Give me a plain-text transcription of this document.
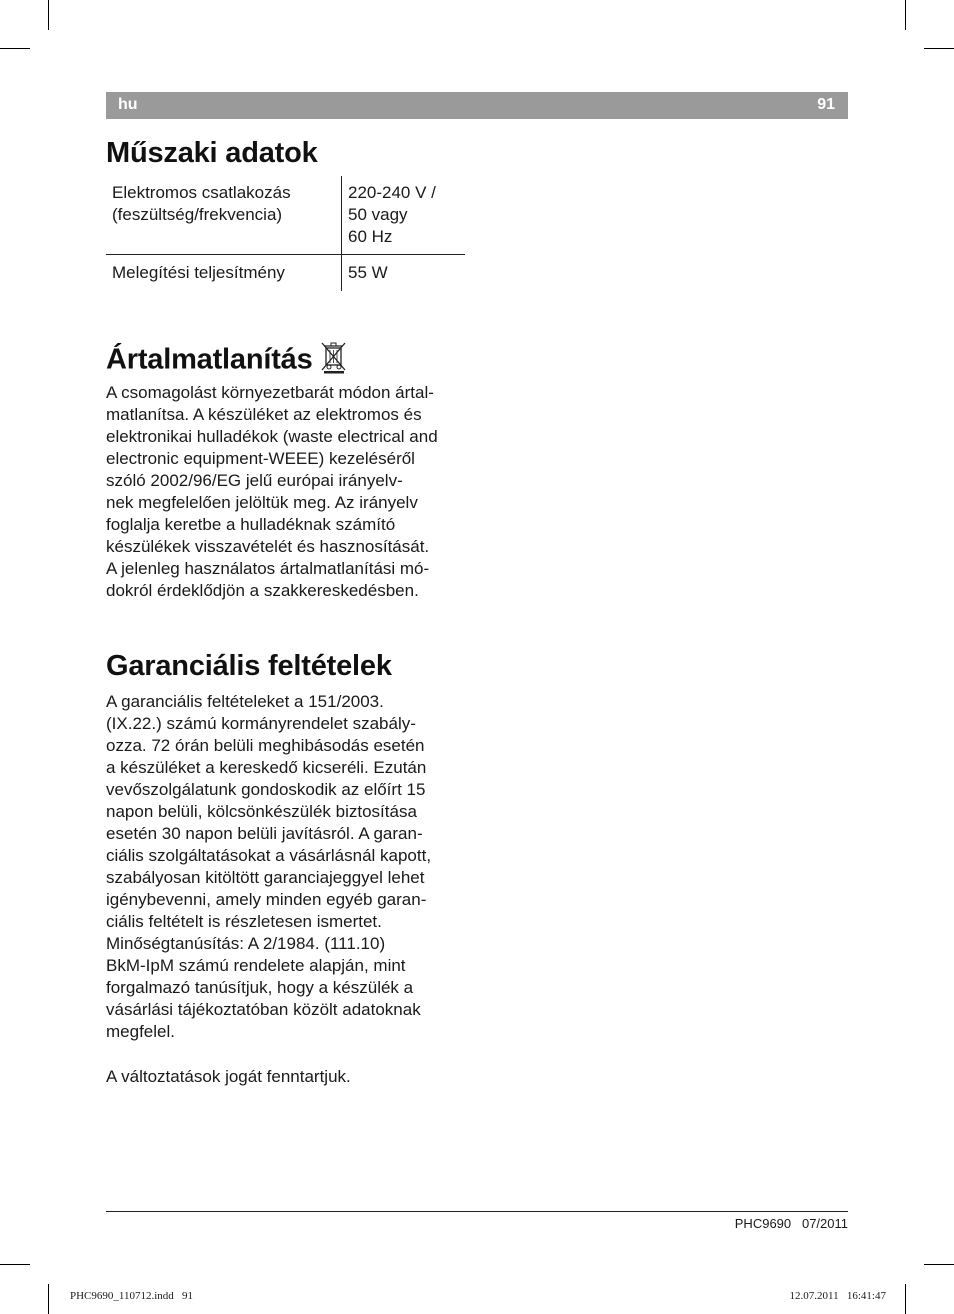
hu	91
Műszaki adatok
Elektromos csatlakozás
(feszültség/frekvencia)	220-240 V /
50 vagy
60 Hz
Melegítési teljesítmény	55 W
Ártalmatlanítás
A csomagolást környezetbarát módon ártal-
matlanítsa. A készüléket az elektromos és
elektronikai hulladékok (waste electrical and
electronic equipment-WEEE) kezeléséről
szóló 2002/96/EG jelű európai irányelv-
nek megfelelően jelöltük meg. Az irányelv
foglalja keretbe a hulladéknak számító
készülékek visszavételét és hasznosítását.
A jelenleg használatos ártalmatlanítási mó-
dokról érdeklődjön a szakkereskedésben.
Garanciális feltételek
A garanciális feltételeket a 151/2003.
(IX.22.) számú kormányrendelet szabály-
ozza. 72 órán belüli meghibásodás esetén
a készüléket a kereskedő kicseréli. Ezután
vevőszolgálatunk gondoskodik az előírt 15
napon belüli, kölcsönkészülék biztosítása
esetén 30 napon belüli javításról. A garan-
ciális szolgáltatásokat a vásárlásnál kapott,
szabályosan kitöltött garanciajeggyel lehet
igénybevenni, amely minden egyéb garan-
ciális feltételt is részletesen ismertet.
Minőségtanúsítás: A 2/1984. (111.10)
BkM-IpM számú rendelete alapján, mint
forgalmazó tanúsítjuk, hogy a készülék a
vásárlási tájékoztatóban közölt adatoknak
megfelel.
A változtatások jogát fenntartjuk.
PHC9690   07/2011
PHC9690_110712.indd   91	12.07.2011   16:41:47
